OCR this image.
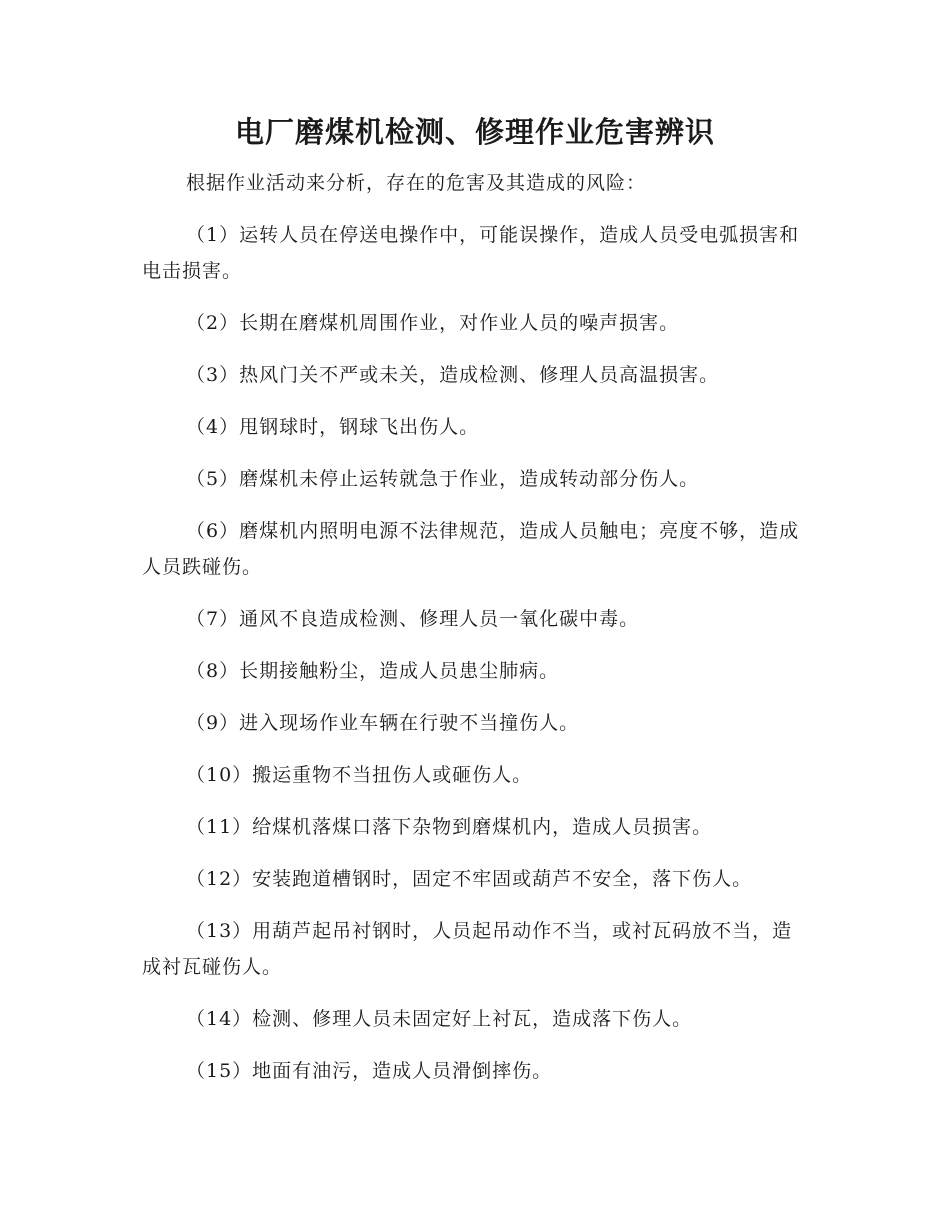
电厂磨煤机检测、修理作业危害辨识

根据作业活动来分析，存在的危害及其造成的风险：

（1）运转人员在停送电操作中，可能误操作，造成人员受电弧损害和电击损害。
（2）长期在磨煤机周围作业，对作业人员的噪声损害。
（3）热风门关不严或未关，造成检测、修理人员高温损害。
（4）甩钢球时，钢球飞出伤人。
（5）磨煤机未停止运转就急于作业，造成转动部分伤人。
（6）磨煤机内照明电源不法律规范，造成人员触电；亮度不够，造成人员跌碰伤。
（7）通风不良造成检测、修理人员一氧化碳中毒。
（8）长期接触粉尘，造成人员患尘肺病。
（9）进入现场作业车辆在行驶不当撞伤人。
（10）搬运重物不当扭伤人或砸伤人。
（11）给煤机落煤口落下杂物到磨煤机内，造成人员损害。
（12）安装跑道槽钢时，固定不牢固或葫芦不安全，落下伤人。
（13）用葫芦起吊衬钢时，人员起吊动作不当，或衬瓦码放不当，造成衬瓦碰伤人。
（14）检测、修理人员未固定好上衬瓦，造成落下伤人。
（15）地面有油污，造成人员滑倒摔伤。
